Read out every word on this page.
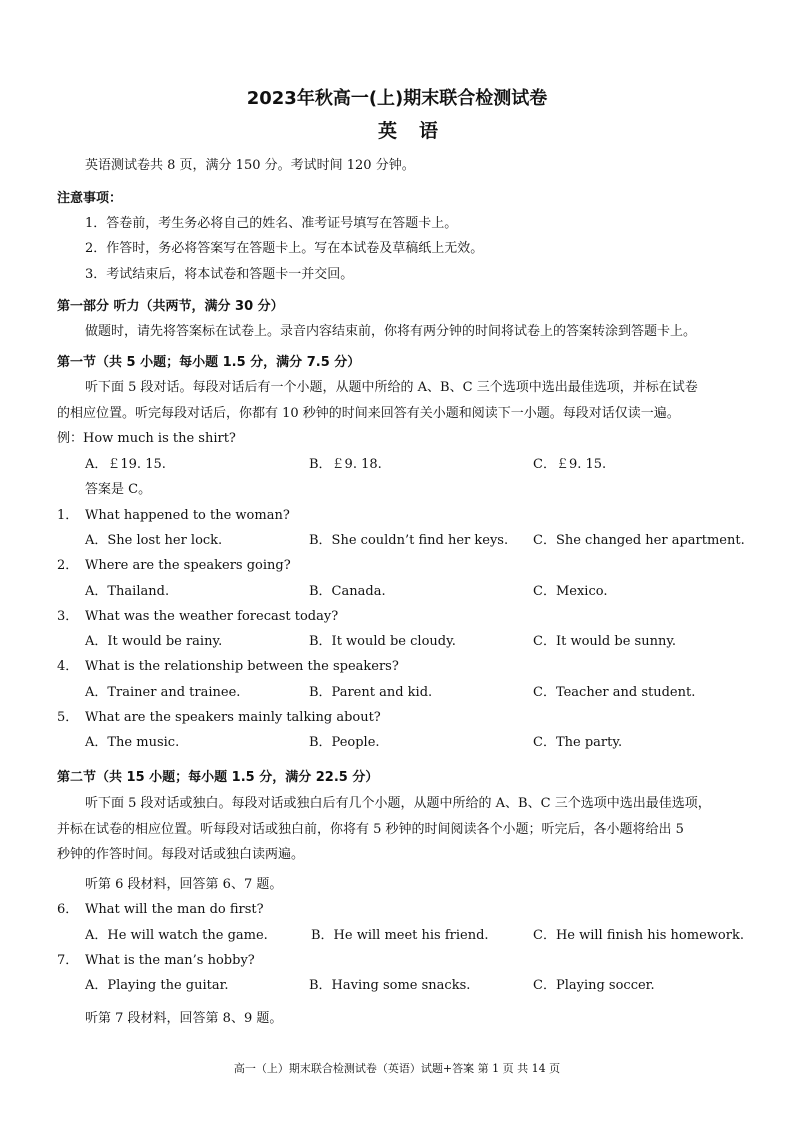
2023年秋高一(上)期末联合检测试卷
英语
英语测试卷共 8 页，满分 150 分。考试时间 120 分钟。
注意事项：
1．答卷前，考生务必将自己的姓名、准考证号填写在答题卡上。
2．作答时，务必将答案写在答题卡上。写在本试卷及草稿纸上无效。
3．考试结束后，将本试卷和答题卡一并交回。
第一部分 听力（共两节，满分 30 分）
做题时，请先将答案标在试卷上。录音内容结束前，你将有两分钟的时间将试卷上的答案转涂到答题卡上。
第一节（共 5 小题；每小题 1.5 分，满分 7.5 分）
听下面 5 段对话。每段对话后有一个小题，从题中所给的 A、B、C 三个选项中选出最佳选项，并标在试卷
的相应位置。听完每段对话后，你都有 10 秒钟的时间来回答有关小题和阅读下一小题。每段对话仅读一遍。
例：How much is the shirt?
A．￡19. 15.	B．￡9. 18.	C．￡9. 15.
答案是 C。
1． What happened to the woman?
A．She lost her lock.	B．She couldn’t find her keys. C．She changed her apartment.
2． Where are the speakers going?
A．Thailand.	B．Canada.	C．Mexico.
3． What was the weather forecast today?
A．It would be rainy.	B．It would be cloudy.	C．It would be sunny.
4． What is the relationship between the speakers?
A．Trainer and trainee.	B．Parent and kid.	C．Teacher and student.
5． What are the speakers mainly talking about?
A．The music.	B．People.	C．The party.
第二节（共 15 小题；每小题 1.5 分，满分 22.5 分）
听下面 5 段对话或独白。每段对话或独白后有几个小题，从题中所给的 A、B、C 三个选项中选出最佳选项，
并标在试卷的相应位置。听每段对话或独白前，你将有 5 秒钟的时间阅读各个小题；听完后，各小题将给出 5
秒钟的作答时间。每段对话或独白读两遍。
听第 6 段材料，回答第 6、7 题。
6． What will the man do first?
A．He will watch the game.	B．He will meet his friend.	C．He will finish his homework.
7． What is the man’s hobby?
A．Playing the guitar.	B．Having some snacks.	C．Playing soccer.
听第 7 段材料，回答第 8、9 题。
高一（上）期末联合检测试卷（英语）试题+答案 第 1 页 共 14 页
